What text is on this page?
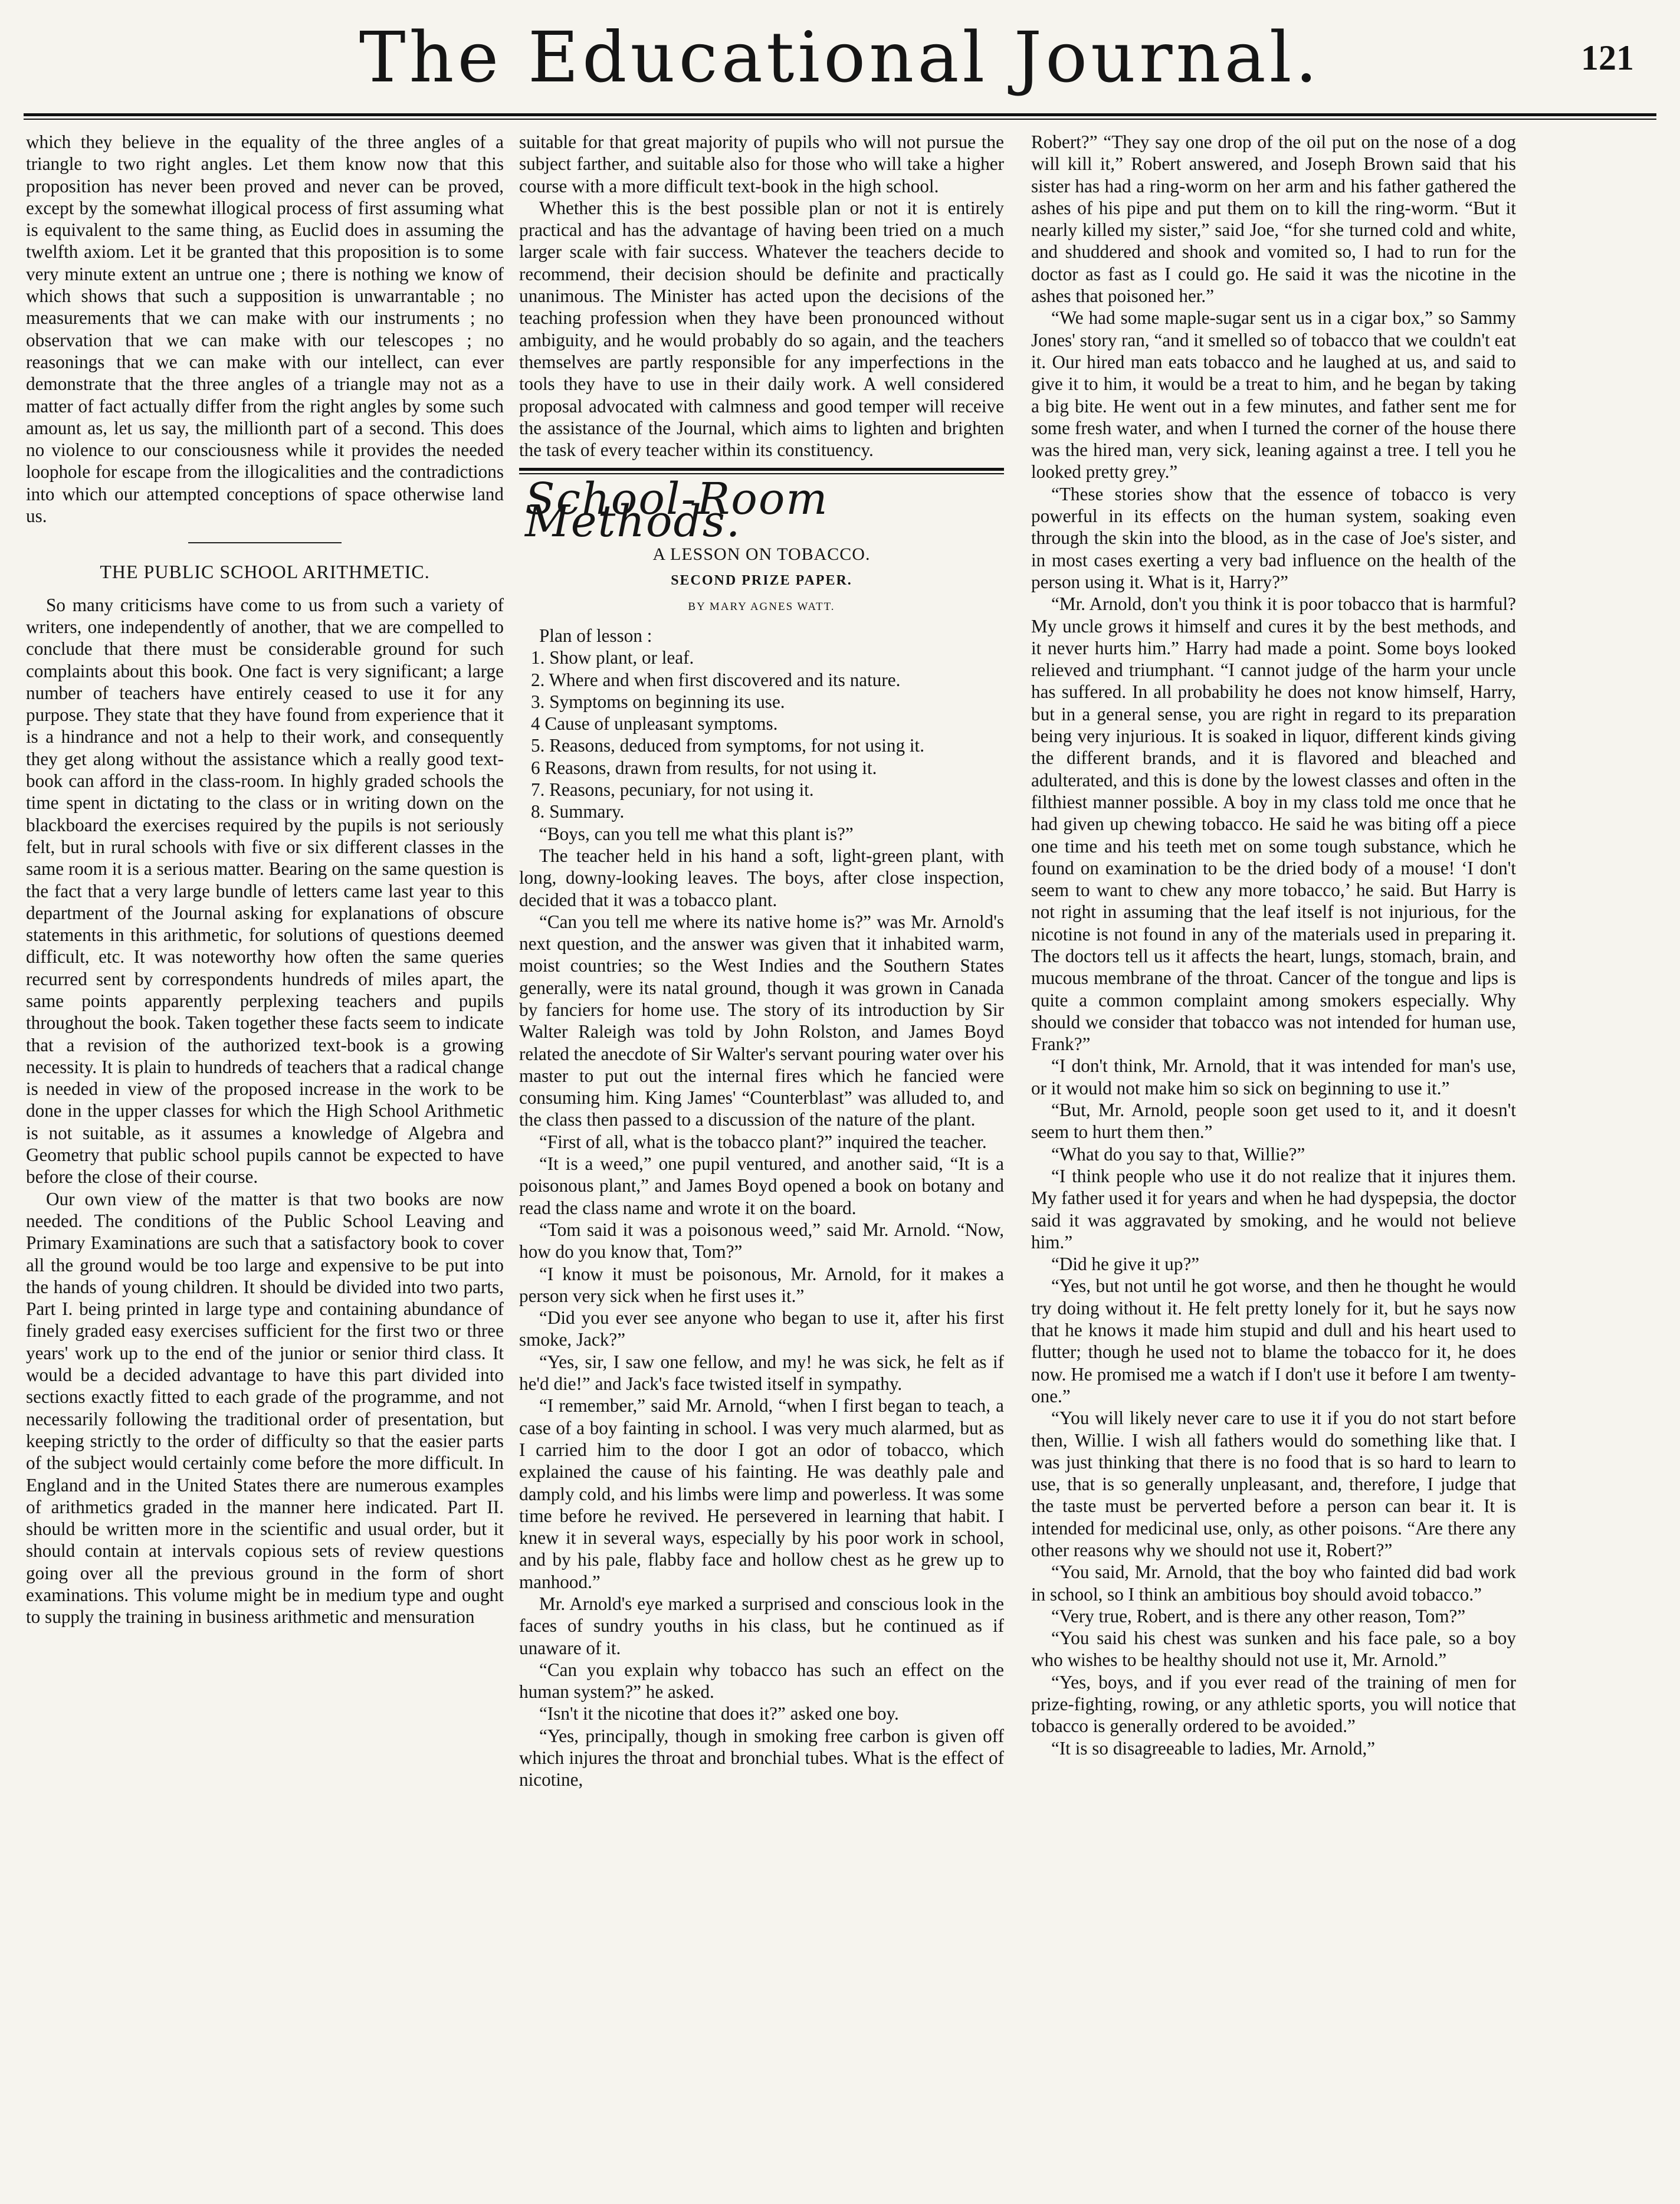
The Educational Journal.	121

which they believe in the equality of the three angles of a triangle to two right angles. Let them know now that this proposition has never been proved and never can be proved, except by the somewhat illogical process of first assuming what is equivalent to the same thing, as Euclid does in assuming the twelfth axiom. Let it be granted that this proposition is to some very minute extent an untrue one ; there is nothing we know of which shows that such a supposition is unwarrantable ; no measurements that we can make with our instruments ; no observation that we can make with our telescopes ; no reasonings that we can make with our intellect, can ever demonstrate that the three angles of a triangle may not as a matter of fact actually differ from the right angles by some such amount as, let us say, the millionth part of a second. This does no violence to our consciousness while it provides the needed loophole for escape from the illogicalities and the contradictions into which our attempted conceptions of space otherwise land us.

THE PUBLIC SCHOOL ARITHMETIC.

So many criticisms have come to us from such a variety of writers, one independently of another, that we are compelled to conclude that there must be considerable ground for such complaints about this book. One fact is very significant; a large number of teachers have entirely ceased to use it for any purpose. They state that they have found from experience that it is a hindrance and not a help to their work, and consequently they get along without the assistance which a really good text-book can afford in the class-room. In highly graded schools the time spent in dictating to the class or in writing down on the blackboard the exercises required by the pupils is not seriously felt, but in rural schools with five or six different classes in the same room it is a serious matter. Bearing on the same question is the fact that a very large bundle of letters came last year to this department of the Journal asking for explanations of obscure statements in this arithmetic, for solutions of questions deemed difficult, etc. It was noteworthy how often the same queries recurred sent by correspondents hundreds of miles apart, the same points apparently perplexing teachers and pupils throughout the book. Taken together these facts seem to indicate that a revision of the authorized text-book is a growing necessity. It is plain to hundreds of teachers that a radical change is needed in view of the proposed increase in the work to be done in the upper classes for which the High School Arithmetic is not suitable, as it assumes a knowledge of Algebra and Geometry that public school pupils cannot be expected to have before the close of their course.

Our own view of the matter is that two books are now needed. The conditions of the Public School Leaving and Primary Examinations are such that a satisfactory book to cover all the ground would be too large and expensive to be put into the hands of young children. It should be divided into two parts, Part I. being printed in large type and containing abundance of finely graded easy exercises sufficient for the first two or three years' work up to the end of the junior or senior third class. It would be a decided advantage to have this part divided into sections exactly fitted to each grade of the programme, and not necessarily following the traditional order of presentation, but keeping strictly to the order of difficulty so that the easier parts of the subject would certainly come before the more difficult. In England and in the United States there are numerous examples of arithmetics graded in the manner here indicated. Part II. should be written more in the scientific and usual order, but it should contain at intervals copious sets of review questions going over all the previous ground in the form of short examinations. This volume might be in medium type and ought to supply the training in business arithmetic and mensuration

suitable for that great majority of pupils who will not pursue the subject farther, and suitable also for those who will take a higher course with a more difficult text-book in the high school.

Whether this is the best possible plan or not it is entirely practical and has the advantage of having been tried on a much larger scale with fair success. Whatever the teachers decide to recommend, their decision should be definite and practically unanimous. The Minister has acted upon the decisions of the teaching profession when they have been pronounced without ambiguity, and he would probably do so again, and the teachers themselves are partly responsible for any imperfections in the tools they have to use in their daily work. A well considered proposal advocated with calmness and good temper will receive the assistance of the Journal, which aims to lighten and brighten the task of every teacher within its constituency.

School-Room Methods.
A LESSON ON TOBACCO.
SECOND PRIZE PAPER.
BY MARY AGNES WATT.

Plan of lesson :

1. Show plant, or leaf.

2. Where and when first discovered and its nature.

3. Symptoms on beginning its use.

4 Cause of unpleasant symptoms.

5. Reasons, deduced from symptoms, for not using it.

6 Reasons, drawn from results, for not using it.

7. Reasons, pecuniary, for not using it.

8. Summary.

“Boys, can you tell me what this plant is?”

The teacher held in his hand a soft, light-green plant, with long, downy-looking leaves. The boys, after close inspection, decided that it was a tobacco plant.

“Can you tell me where its native home is?” was Mr. Arnold's next question, and the answer was given that it inhabited warm, moist countries; so the West Indies and the Southern States generally, were its natal ground, though it was grown in Canada by fanciers for home use. The story of its introduction by Sir Walter Raleigh was told by John Rolston, and James Boyd related the anecdote of Sir Walter's servant pouring water over his master to put out the internal fires which he fancied were consuming him. King James' “Counterblast” was alluded to, and the class then passed to a discussion of the nature of the plant.

“First of all, what is the tobacco plant?” inquired the teacher.

“It is a weed,” one pupil ventured, and another said, “It is a poisonous plant,” and James Boyd opened a book on botany and read the class name and wrote it on the board.

“Tom said it was a poisonous weed,” said Mr. Arnold. “Now, how do you know that, Tom?”

“I know it must be poisonous, Mr. Arnold, for it makes a person very sick when he first uses it.”

“Did you ever see anyone who began to use it, after his first smoke, Jack?”

“Yes, sir, I saw one fellow, and my! he was sick, he felt as if he'd die!” and Jack's face twisted itself in sympathy.

“I remember,” said Mr. Arnold, “when I first began to teach, a case of a boy fainting in school. I was very much alarmed, but as I carried him to the door I got an odor of tobacco, which explained the cause of his fainting. He was deathly pale and damply cold, and his limbs were limp and powerless. It was some time before he revived. He persevered in learning that habit. I knew it in several ways, especially by his poor work in school, and by his pale, flabby face and hollow chest as he grew up to manhood.”

Mr. Arnold's eye marked a surprised and conscious look in the faces of sundry youths in his class, but he continued as if unaware of it.

“Can you explain why tobacco has such an effect on the human system?” he asked.

“Isn't it the nicotine that does it?” asked one boy.

“Yes, principally, though in smoking free carbon is given off which injures the throat and bronchial tubes. What is the effect of nicotine,

Robert?” “They say one drop of the oil put on the nose of a dog will kill it,” Robert answered, and Joseph Brown said that his sister has had a ring-worm on her arm and his father gathered the ashes of his pipe and put them on to kill the ring-worm. “But it nearly killed my sister,” said Joe, “for she turned cold and white, and shuddered and shook and vomited so, I had to run for the doctor as fast as I could go. He said it was the nicotine in the ashes that poisoned her.”

“We had some maple-sugar sent us in a cigar box,” so Sammy Jones' story ran, “and it smelled so of tobacco that we couldn't eat it. Our hired man eats tobacco and he laughed at us, and said to give it to him, it would be a treat to him, and he began by taking a big bite. He went out in a few minutes, and father sent me for some fresh water, and when I turned the corner of the house there was the hired man, very sick, leaning against a tree. I tell you he looked pretty grey.”

“These stories show that the essence of tobacco is very powerful in its effects on the human system, soaking even through the skin into the blood, as in the case of Joe's sister, and in most cases exerting a very bad influence on the health of the person using it. What is it, Harry?”

“Mr. Arnold, don't you think it is poor tobacco that is harmful? My uncle grows it himself and cures it by the best methods, and it never hurts him.” Harry had made a point. Some boys looked relieved and triumphant. “I cannot judge of the harm your uncle has suffered. In all probability he does not know himself, Harry, but in a general sense, you are right in regard to its preparation being very injurious. It is soaked in liquor, different kinds giving the different brands, and it is flavored and bleached and adulterated, and this is done by the lowest classes and often in the filthiest manner possible. A boy in my class told me once that he had given up chewing tobacco. He said he was biting off a piece one time and his teeth met on some tough substance, which he found on examination to be the dried body of a mouse! ‘I don't seem to want to chew any more tobacco,’ he said. But Harry is not right in assuming that the leaf itself is not injurious, for the nicotine is not found in any of the materials used in preparing it. The doctors tell us it affects the heart, lungs, stomach, brain, and mucous membrane of the throat. Cancer of the tongue and lips is quite a common complaint among smokers especially. Why should we consider that tobacco was not intended for human use, Frank?”

“I don't think, Mr. Arnold, that it was intended for man's use, or it would not make him so sick on beginning to use it.”

“But, Mr. Arnold, people soon get used to it, and it doesn't seem to hurt them then.”

“What do you say to that, Willie?”

“I think people who use it do not realize that it injures them. My father used it for years and when he had dyspepsia, the doctor said it was aggravated by smoking, and he would not believe him.”

“Did he give it up?”

“Yes, but not until he got worse, and then he thought he would try doing without it. He felt pretty lonely for it, but he says now that he knows it made him stupid and dull and his heart used to flutter; though he used not to blame the tobacco for it, he does now. He promised me a watch if I don't use it before I am twenty-one.”

“You will likely never care to use it if you do not start before then, Willie. I wish all fathers would do something like that. I was just thinking that there is no food that is so hard to learn to use, that is so generally unpleasant, and, therefore, I judge that the taste must be perverted before a person can bear it. It is intended for medicinal use, only, as other poisons. “Are there any other reasons why we should not use it, Robert?”

“You said, Mr. Arnold, that the boy who fainted did bad work in school, so I think an ambitious boy should avoid tobacco.”

“Very true, Robert, and is there any other reason, Tom?”

“You said his chest was sunken and his face pale, so a boy who wishes to be healthy should not use it, Mr. Arnold.”

“Yes, boys, and if you ever read of the training of men for prize-fighting, rowing, or any athletic sports, you will notice that tobacco is generally ordered to be avoided.”

“It is so disagreeable to ladies, Mr. Arnold,”
